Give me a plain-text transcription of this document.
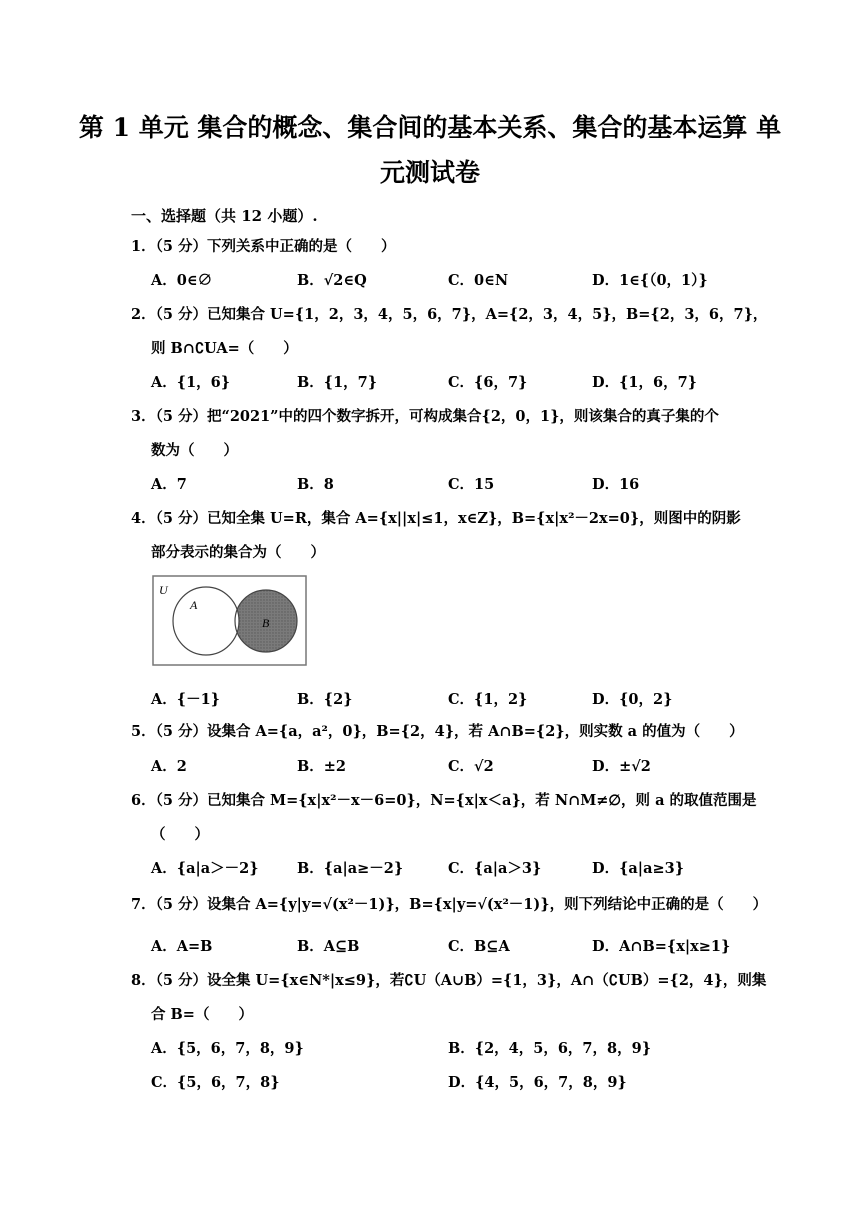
第 1 单元 集合的概念、集合间的基本关系、集合的基本运算 单
元测试卷
一、选择题（共 12 小题）.
1．（5 分）下列关系中正确的是（　　）
A．0∈∅	B．√2∈Q	C．0∈N	D．1∈{（0，1）}
2．（5 分）已知集合 U={1，2，3，4，5，6，7}，A={2，3，4，5}，B={2，3，6，7}，
则 B∩∁UA=（　　）
A．{1，6}	B．{1，7}	C．{6，7}	D．{1，6，7}
3．（5 分）把“2021”中的四个数字拆开，可构成集合{2，0，1}，则该集合的真子集的个
数为（　　）
A．7	B．8	C．15	D．16
4．（5 分）已知全集 U=R，集合 A={x||x|≤1，x∈Z}，B={x|x²－2x=0}，则图中的阴影
部分表示的集合为（　　）
U
A
B
A．{－1}	B．{2}	C．{1，2}	D．{0，2}
5．（5 分）设集合 A={a，a²，0}，B={2，4}，若 A∩B={2}，则实数 a 的值为（　　）
A．2	B．±2	C．√2	D．±√2
6．（5 分）已知集合 M={x|x²－x－6=0}，N={x|x＜a}，若 N∩M≠∅，则 a 的取值范围是
（　　）
A．{a|a＞－2}	B．{a|a≥－2}	C．{a|a＞3}	D．{a|a≥3}
7．（5 分）设集合 A={y|y=√(x²－1)}，B={x|y=√(x²－1)}，则下列结论中正确的是（　　）
A．A=B	B．A⊆B	C．B⊆A	D．A∩B={x|x≥1}
8．（5 分）设全集 U={x∈N*|x≤9}，若∁U（A∪B）={1，3}，A∩（∁UB）={2，4}，则集
合 B=（　　）
A．{5，6，7，8，9}	B．{2，4，5，6，7，8，9}
C．{5，6，7，8}	D．{4，5，6，7，8，9}
